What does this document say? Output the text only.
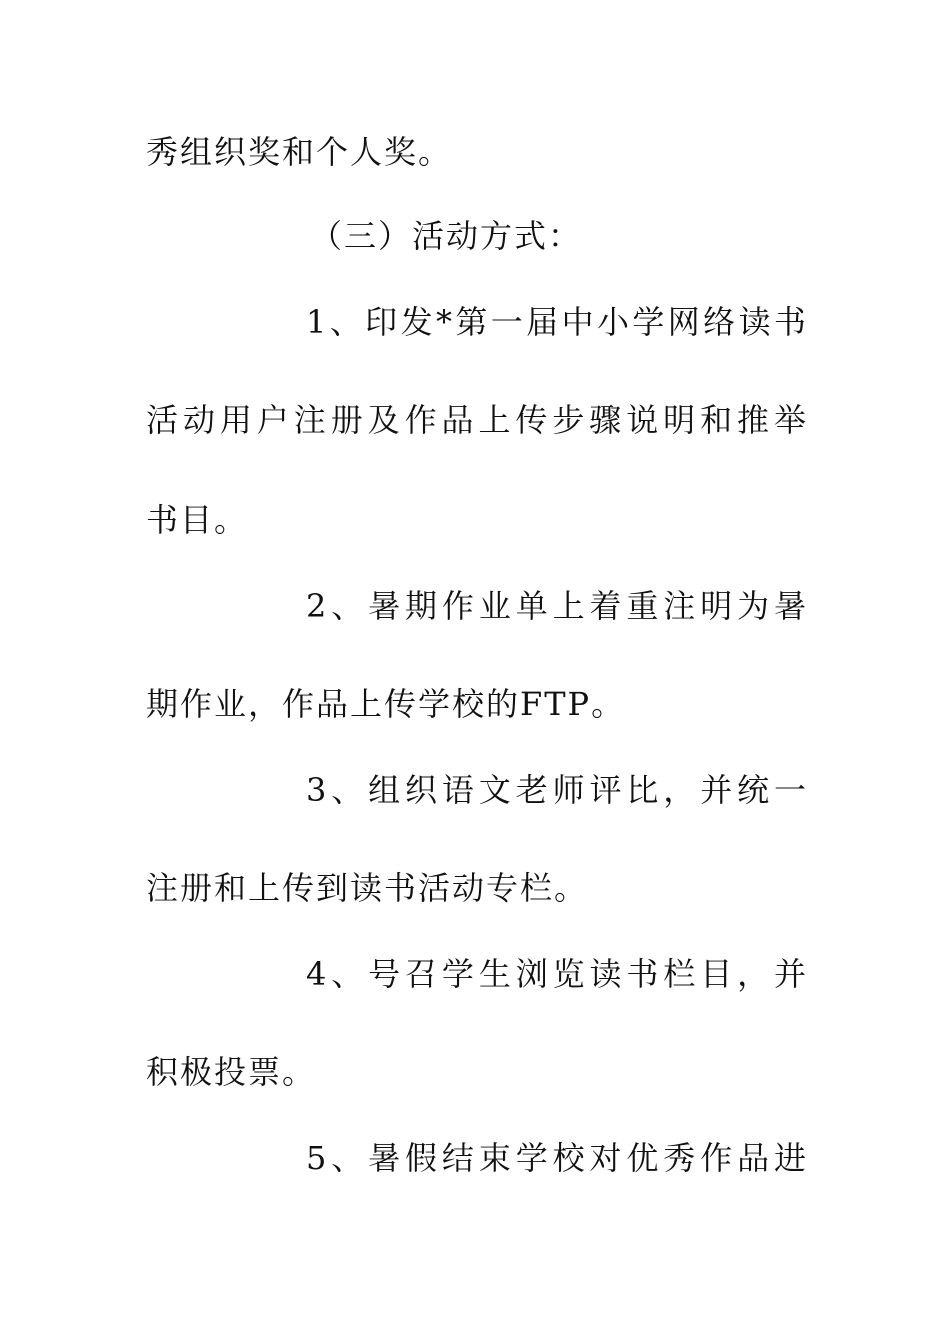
秀组织奖和个人奖。
（三）活动方式：
1、印发*第一届中小学网络读书
活动用户注册及作品上传步骤说明和推举
书目。
2、暑期作业单上着重注明为暑
期作业，作品上传学校的FTP。
3、组织语文老师评比，并统一
注册和上传到读书活动专栏。
4、号召学生浏览读书栏目，并
积极投票。
5、暑假结束学校对优秀作品进
